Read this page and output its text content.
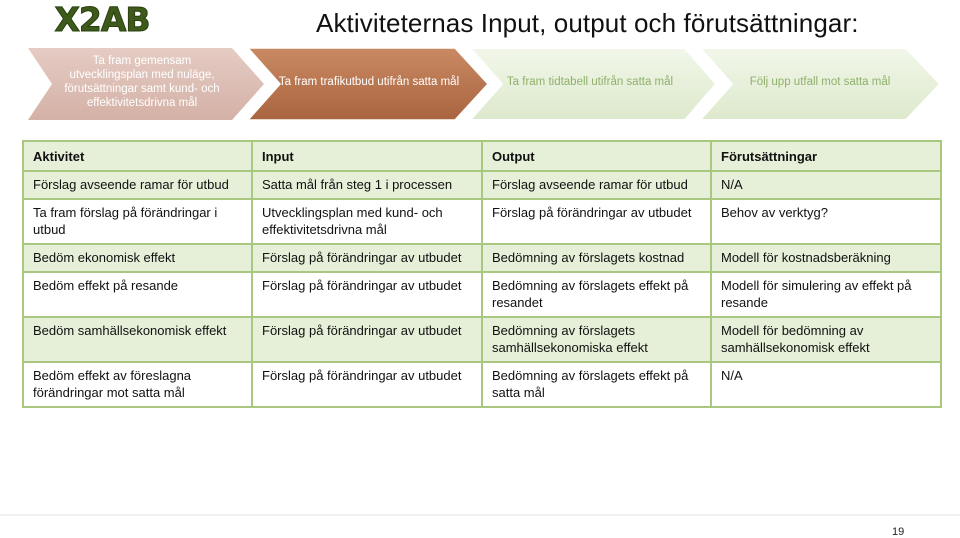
X2AB	Aktiviteternas Input, output och förutsättningar:
Ta fram gemensam utvecklingsplan med nuläge, förutsättningar samt kund- och effektivitetsdrivna mål
Ta fram trafikutbud utifrån satta mål	Ta fram tidtabell utifrån satta mål	Följ upp utfall mot satta mål
Aktivitet	Input	Output	Förutsättningar
Förslag avseende ramar för utbud	Satta mål från steg 1 i processen	Förslag avseende ramar för utbud	N/A
Ta fram förslag på förändringar i utbud	Utvecklingsplan med kund- och effektivitetsdrivna mål	Förslag på förändringar av utbudet	Behov av verktyg?
Bedöm ekonomisk effekt	Förslag på förändringar av utbudet	Bedömning av förslagets kostnad	Modell för kostnadsberäkning
Bedöm effekt på resande	Förslag på förändringar av utbudet	Bedömning av förslagets effekt på resandet	Modell för simulering av effekt på resande
Bedöm samhällsekonomisk effekt	Förslag på förändringar av utbudet	Bedömning av förslagets samhällsekonomiska effekt	Modell för bedömning av samhällsekonomisk effekt
Bedöm effekt av föreslagna förändringar mot satta mål	Förslag på förändringar av utbudet	Bedömning av förslagets effekt på satta mål	N/A
19
